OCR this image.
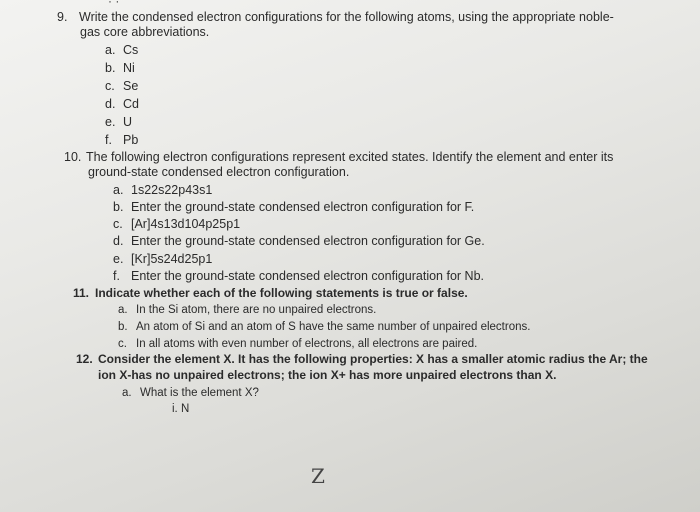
· ·
9. Write the condensed electron configurations for the following atoms, using the appropriate noble-
gas core abbreviations.
a. Cs
b. Ni
c. Se
d. Cd
e. U
f. Pb
10. The following electron configurations represent excited states. Identify the element and enter its
ground-state condensed electron configuration.
a. 1s22s22p43s1
b. Enter the ground-state condensed electron configuration for F.
c. [Ar]4s13d104p25p1
d. Enter the ground-state condensed electron configuration for Ge.
e. [Kr]5s24d25p1
f. Enter the ground-state condensed electron configuration for Nb.
11. Indicate whether each of the following statements is true or false.
a. In the Si atom, there are no unpaired electrons.
b. An atom of Si and an atom of S have the same number of unpaired electrons.
c. In all atoms with even number of electrons, all electrons are paired.
12. Consider the element X. It has the following properties: X has a smaller atomic radius the Ar; the
ion X-has no unpaired electrons; the ion X+ has more unpaired electrons than X.
a. What is the element X?
i. N
Z
